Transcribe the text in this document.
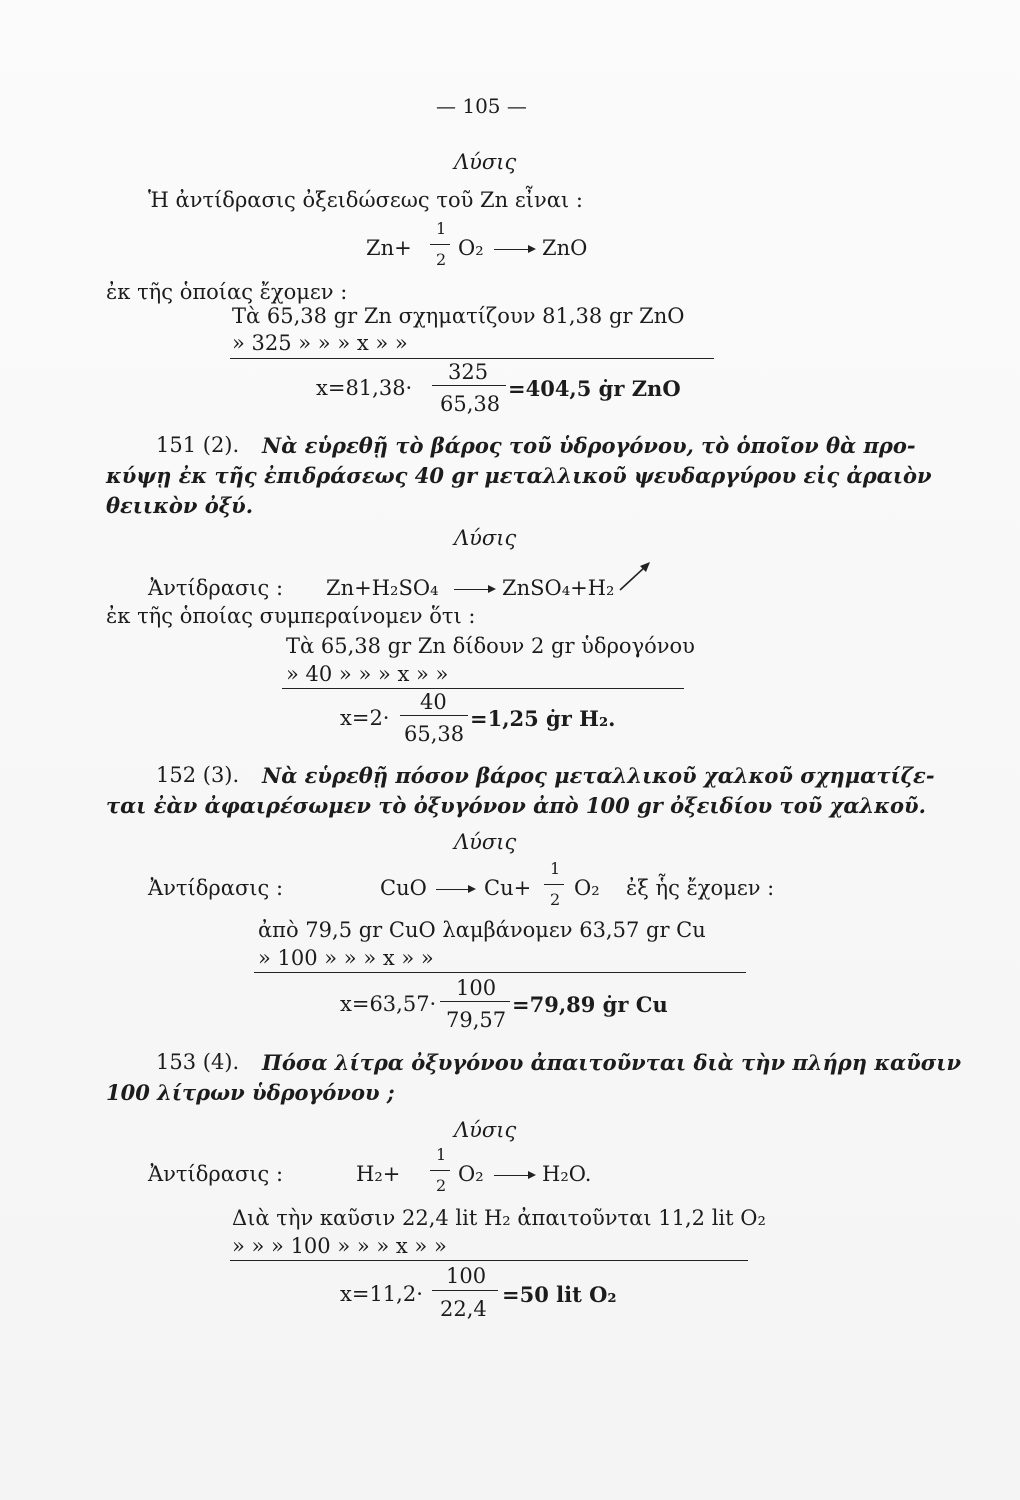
— 105 —
Λύσις
Ἡ ἀντίδρασις ὀξειδώσεως τοῦ Zn εἶναι :
Zn+
1
2 O₂	ZnO
ἐκ τῆς ὁποίας ἔχομεν :
Τὰ 65,38 gr Zn σχηματίζουν 81,38 gr ZnO
» 325 » » » x » »
x=81,38·
325
65,38
=404,5 ġr ZnO
151 (2). Νὰ εὑρεθῇ τὸ βάρος τοῦ ὑδρογόνου, τὸ ὁποῖον θὰ προ-
κύψῃ ἐκ τῆς ἐπιδράσεως 40 gr μεταλλικοῦ ψευδαργύρου εἰς ἀραιὸν
θειικὸν ὀξύ.
Λύσις
Ἀντίδρασις : Zn+H₂SO₄	ZnSO₄+H₂
ἐκ τῆς ὁποίας συμπεραίνομεν ὅτι :
Τὰ 65,38 gr Zn δίδουν 2 gr ὑδρογόνου
» 40 » » » x » »
x=2·
40
65,38
=1,25 ġr H₂.
152 (3). Νὰ εὑρεθῇ πόσον βάρος μεταλλικοῦ χαλκοῦ σχηματίζε-
ται ἐὰν ἀφαιρέσωμεν τὸ ὀξυγόνον ἀπὸ 100 gr ὀξειδίου τοῦ χαλκοῦ.
Λύσις
Ἀντίδρασις :	CuO	Cu+
1
2 O₂ ἐξ ἧς ἔχομεν :
ἀπὸ 79,5 gr CuO λαμβάνομεν 63,57 gr Cu
» 100 » » » x » »
x=63,57·
100
79,57
=79,89 ġr Cu
153 (4). Πόσα λίτρα ὀξυγόνου ἀπαιτοῦνται διὰ τὴν πλήρη καῦσιν
100 λίτρων ὑδρογόνου ;
Λύσις
Ἀντίδρασις :	H₂+
1
2 O₂	H₂O.
Διὰ τὴν καῦσιν 22,4 lit H₂ ἀπαιτοῦνται 11,2 lit O₂
» » » 100 » » » x » »
x=11,2·
100
22,4
=50 lit O₂
